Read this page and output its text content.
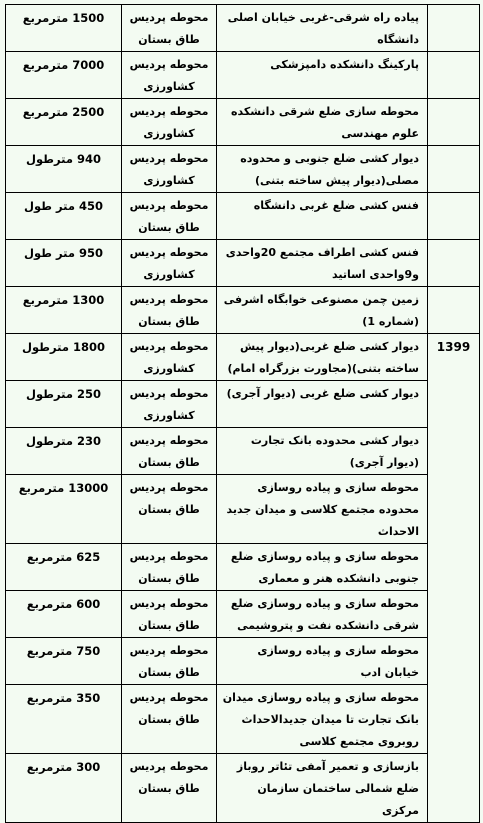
	پیاده راه شرقی-غربی خیابان اصلی دانشگاه	محوطه پردیس طاق بستان	1500 مترمربع
	پارکینگ دانشکده دامپزشکی	محوطه پردیس کشاورزی	7000 مترمربع
	محوطه سازی ضلع شرقی دانشکده علوم مهندسی	محوطه پردیس کشاورزی	2500 مترمربع
	دیوار کشی ضلع جنوبی و محدوده مصلی(دیوار پیش ساخته بتنی)	محوطه پردیس کشاورزی	940 مترطول
	فنس کشی ضلع غربی دانشگاه	محوطه پردیس طاق بستان	450 متر طول
	فنس کشی اطراف مجتمع 20واحدی و9واحدی اساتید	محوطه پردیس کشاورزی	950 متر طول
	زمین چمن مصنوعی خوابگاه اشرفی (شماره 1)	محوطه پردیس طاق بستان	1300 مترمربع
1399	دیوار کشی ضلع غربی(دیوار پیش ساخته بتنی)(مجاورت بزرگراه امام)	محوطه پردیس کشاورزی	1800 مترطول
	دیوار کشی ضلع غربی (دیوار آجری)	محوطه پردیس کشاورزی	250 مترطول
	دیوار کشی محدوده بانک تجارت (دیوار آجری)	محوطه پردیس طاق بستان	230 مترطول
	محوطه سازی و پیاده روسازی محدوده مجتمع کلاسی و میدان جدید الاحداث	محوطه پردیس طاق بستان	13000 مترمربع
	محوطه سازی و پیاده روسازی ضلع جنوبی دانشکده هنر و معماری	محوطه پردیس طاق بستان	625 مترمربع
	محوطه سازی و پیاده روسازی ضلع شرقی دانشکده نفت و پتروشیمی	محوطه پردیس طاق بستان	600 مترمربع
	محوطه سازی و پیاده روسازی خیابان ادب	محوطه پردیس طاق بستان	750 مترمربع
	محوطه سازی و پیاده روسازی میدان بانک تجارت تا میدان جدیدالاحداث روبروی مجتمع کلاسی	محوطه پردیس طاق بستان	350 مترمربع
	بازسازی و تعمیر آمفی تئاتر روباز ضلع شمالی ساختمان سازمان مرکزی	محوطه پردیس طاق بستان	300 مترمربع
